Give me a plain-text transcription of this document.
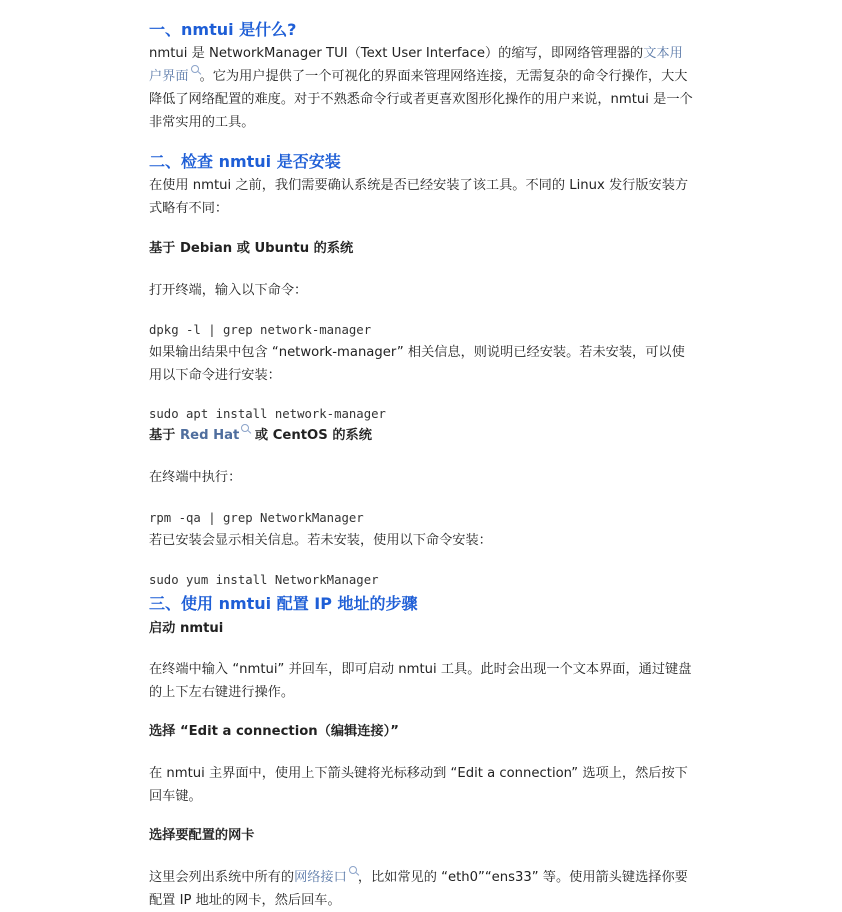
一、nmtui 是什么?
nmtui 是 NetworkManager TUI（Text User Interface）的缩写，即网络管理器的文本用户界面 。它为用户提供了一个可视化的界面来管理网络连接，无需复杂的命令行操作，大大降低了网络配置的难度。对于不熟悉命令行或者更喜欢图形化操作的用户来说，nmtui 是一个非常实用的工具。
二、检查 nmtui 是否安装
在使用 nmtui 之前，我们需要确认系统是否已经安装了该工具。不同的 Linux 发行版安装方式略有不同：
基于 Debian 或 Ubuntu 的系统
打开终端，输入以下命令：
dpkg -l | grep network-manager
如果输出结果中包含 “network-manager” 相关信息，则说明已经安装。若未安装，可以使用以下命令进行安装：
sudo apt install network-manager
基于 Red Hat 或 CentOS 的系统
在终端中执行：
rpm -qa | grep NetworkManager
若已安装会显示相关信息。若未安装，使用以下命令安装：
sudo yum install NetworkManager
三、使用 nmtui 配置 IP 地址的步骤
启动 nmtui
在终端中输入 “nmtui” 并回车，即可启动 nmtui 工具。此时会出现一个文本界面，通过键盘的上下左右键进行操作。
选择 “Edit a connection（编辑连接）”
在 nmtui 主界面中，使用上下箭头键将光标移动到 “Edit a connection” 选项上，然后按下回车键。
选择要配置的网卡
这里会列出系统中所有的网络接口 ，比如常见的 “eth0”“ens33” 等。使用箭头键选择你要配置 IP 地址的网卡，然后回车。
